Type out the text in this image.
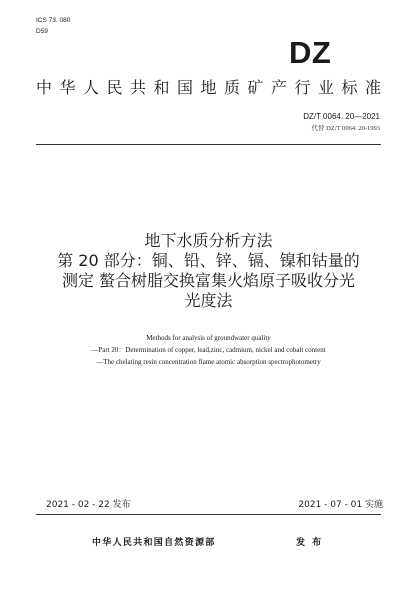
ICS 73. 080
D59
DZ
中华人民共和国地质矿产行业标准
DZ/T 0064. 20—2021
代替 DZ/T 0064. 20-1993
地下水质分析方法
第 20 部分：铜、铅、锌、镉、镍和钴量的
测定 螯合树脂交换富集火焰原子吸收分光
光度法
Methods for analysis of groundwater quality
—Part 20：Determination of copper, lead,zinc, cadmium, nickel and cobalt content
—The chelating resin concentration flame atomic absorption spectrophotometry
2021 - 02 - 22 发布	2021 - 07 - 01 实施
中华人民共和国自然资源部	发 布
